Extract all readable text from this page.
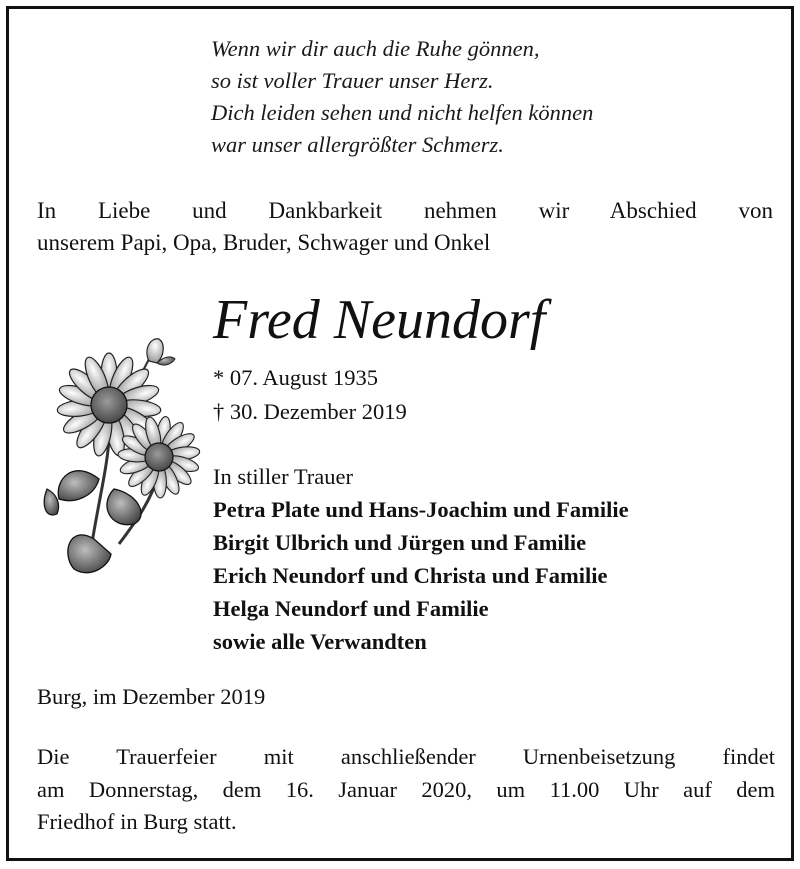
Wenn wir dir auch die Ruhe gönnen,
so ist voller Trauer unser Herz.
Dich leiden sehen und nicht helfen können
war unser allergrößter Schmerz.
In Liebe und Dankbarkeit nehmen wir Abschied von
unserem Papi, Opa, Bruder, Schwager und Onkel
Fred Neundorf
* 07. August 1935
† 30. Dezember 2019
In stiller Trauer
Petra Plate und Hans-Joachim und Familie
Birgit Ulbrich und Jürgen und Familie
Erich Neundorf und Christa und Familie
Helga Neundorf und Familie
sowie alle Verwandten
Burg, im Dezember 2019
Die Trauerfeier mit anschließender Urnenbeisetzung findet
am Donnerstag, dem 16. Januar 2020, um 11.00 Uhr auf dem
Friedhof in Burg statt.
